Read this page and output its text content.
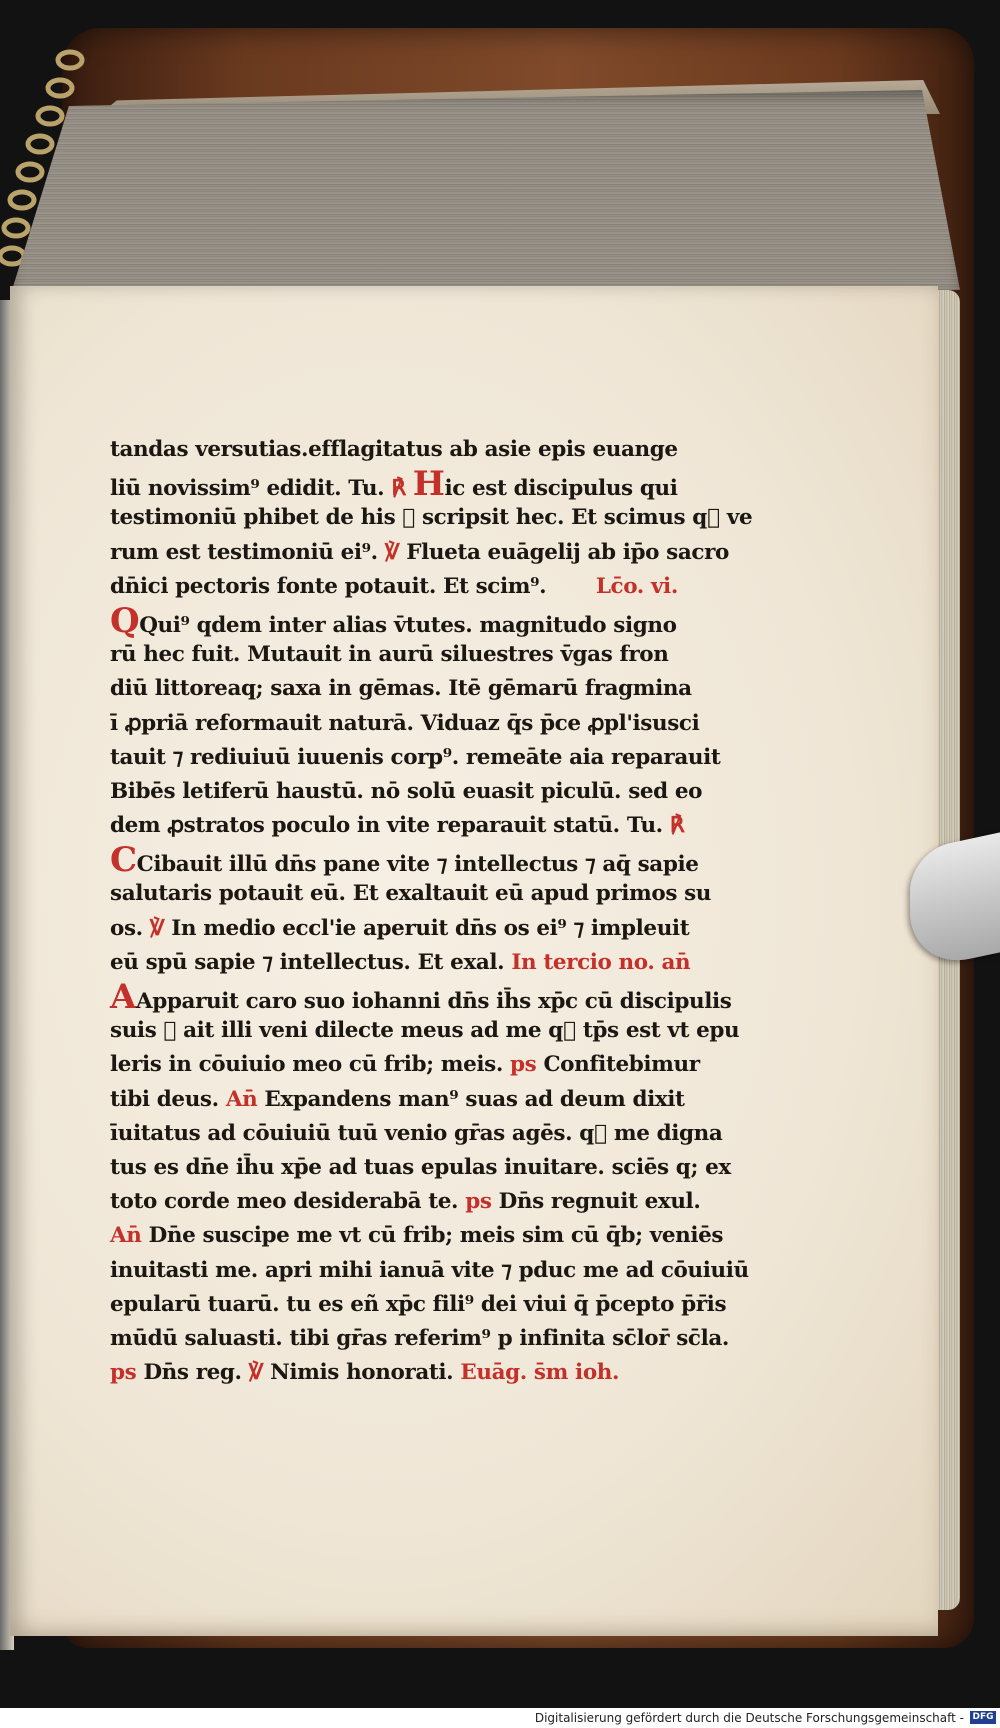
tandas versutias.efflagitatus ab asie epis euange
liū novissim⁹ edidit. Tu. ℟ Hic est discipulus qui
testimoniū phibet de his ⁊ scripsit hec. Et scimus q᷑ ve
rum est testimoniū ei⁹. ℣ Flueta euāgelij ab ip̄o sacro
dn̄ici pectoris fonte potauit. Et scim⁹. Lc̄o. vi.
QQui⁹ qdem inter alias v̄tutes. magnitudo signo
rū hec fuit. Mutauit in aurū siluestres v̄gas fron
diū littoreaq; saxa in gēmas. Itē gēmarū fragmina
ī ꝓpriā reformauit naturā. Viduaz q̄s p̄ce ꝓpl'isusci
tauit ⁊ rediuiuū iuuenis corp⁹. remeāte aia reparauit
Bibēs letiferū haustū. nō solū euasit piculū. sed eo
dem ꝓstratos poculo in vite reparauit statū. Tu. ℟
CCibauit illū dn̄s pane vite ⁊ intellectus ⁊ aq̄ sapie
salutaris potauit eū. Et exaltauit eū apud primos su
os. ℣ In medio eccl'ie aperuit dn̄s os ei⁹ ⁊ impleuit
eū spū sapie ⁊ intellectus. Et exal. In tercio no. an̄
AApparuit caro suo iohanni dn̄s ih̄s xp̄c cū discipulis
suis ⁊ ait illi veni dilecte meus ad me q᷑ tp̄s est vt epu
leris in cōuiuio meo cū frib; meis. ps Confitebimur
tibi deus. An̄ Expandens man⁹ suas ad deum dixit
īuitatus ad cōuiuiū tuū venio gr̄as agēs. q᷑ me digna
tus es dn̄e ih̄u xp̄e ad tuas epulas inuitare. sciēs q; ex
toto corde meo desiderabā te. ps Dn̄s regnuit exul.
An̄ Dn̄e suscipe me vt cū frib; meis sim cū q̄b; veniēs
inuitasti me. apri mihi ianuā vite ⁊ pduc me ad cōuiuiū
epularū tuarū. tu es eñ xp̄c fili⁹ dei viui q̄ p̄cepto p̄r̄is
mūdū saluasti. tibi gr̄as referim⁹ p infinita sc̄lor̄ sc̄la.
ps Dn̄s reg. ℣ Nimis honorati. Euāg. s̄m ioh.
Digitalisierung gefördert durch die Deutsche Forschungsgemeinschaft - DFG
